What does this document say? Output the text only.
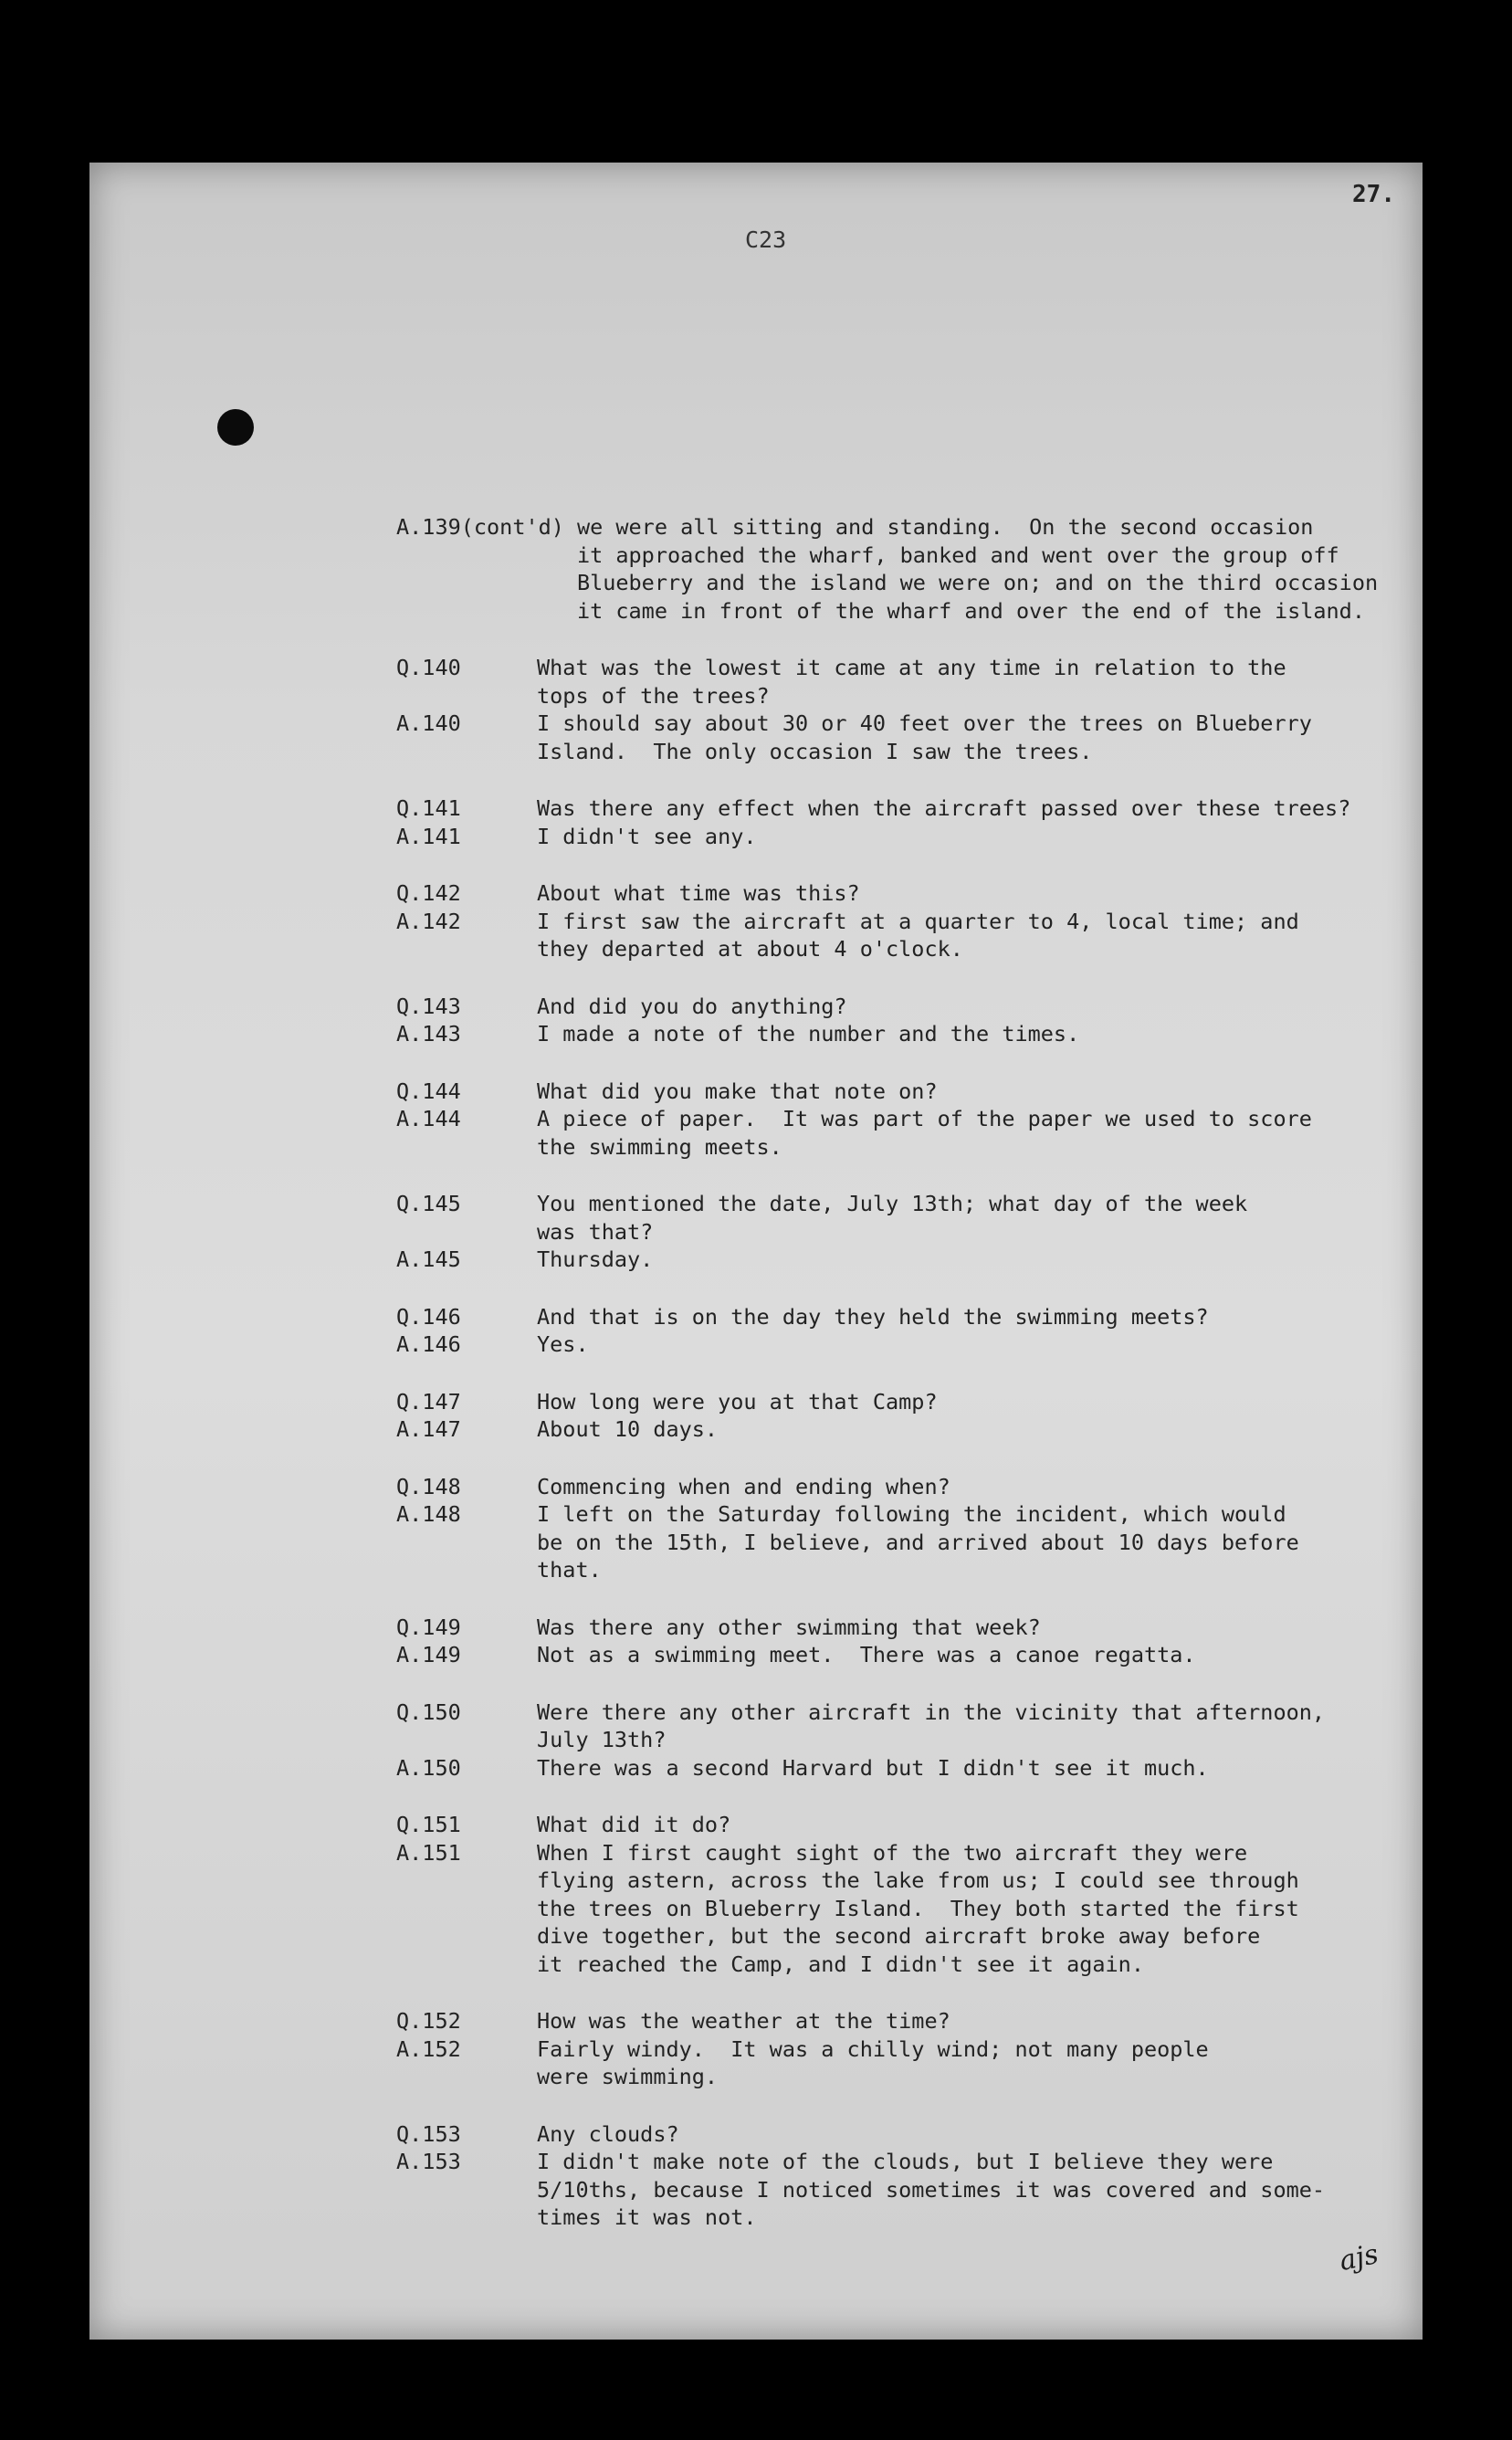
27.
C23
A.139(cont'd) we were all sitting and standing.  On the second occasion
it approached the wharf, banked and went over the group off
Blueberry and the island we were on; and on the third occasion
it came in front of the wharf and over the end of the island.
Q.140	What was the lowest it came at any time in relation to the
tops of the trees?
A.140	I should say about 30 or 40 feet over the trees on Blueberry
Island.  The only occasion I saw the trees.
Q.141	Was there any effect when the aircraft passed over these trees?
A.141	I didn't see any.
Q.142	About what time was this?
A.142	I first saw the aircraft at a quarter to 4, local time; and
they departed at about 4 o'clock.
Q.143	And did you do anything?
A.143	I made a note of the number and the times.
Q.144	What did you make that note on?
A.144	A piece of paper.  It was part of the paper we used to score
the swimming meets.
Q.145	You mentioned the date, July 13th; what day of the week
was that?
A.145	Thursday.
Q.146	And that is on the day they held the swimming meets?
A.146	Yes.
Q.147	How long were you at that Camp?
A.147	About 10 days.
Q.148	Commencing when and ending when?
A.148	I left on the Saturday following the incident, which would
be on the 15th, I believe, and arrived about 10 days before
that.
Q.149	Was there any other swimming that week?
A.149	Not as a swimming meet.  There was a canoe regatta.
Q.150	Were there any other aircraft in the vicinity that afternoon,
July 13th?
A.150	There was a second Harvard but I didn't see it much.
Q.151	What did it do?
A.151	When I first caught sight of the two aircraft they were
flying astern, across the lake from us; I could see through
the trees on Blueberry Island.  They both started the first
dive together, but the second aircraft broke away before
it reached the Camp, and I didn't see it again.
Q.152	How was the weather at the time?
A.152	Fairly windy.  It was a chilly wind; not many people
were swimming.
Q.153	Any clouds?
A.153	I didn't make note of the clouds, but I believe they were
5/10ths, because I noticed sometimes it was covered and some-
times it was not.
ajs
